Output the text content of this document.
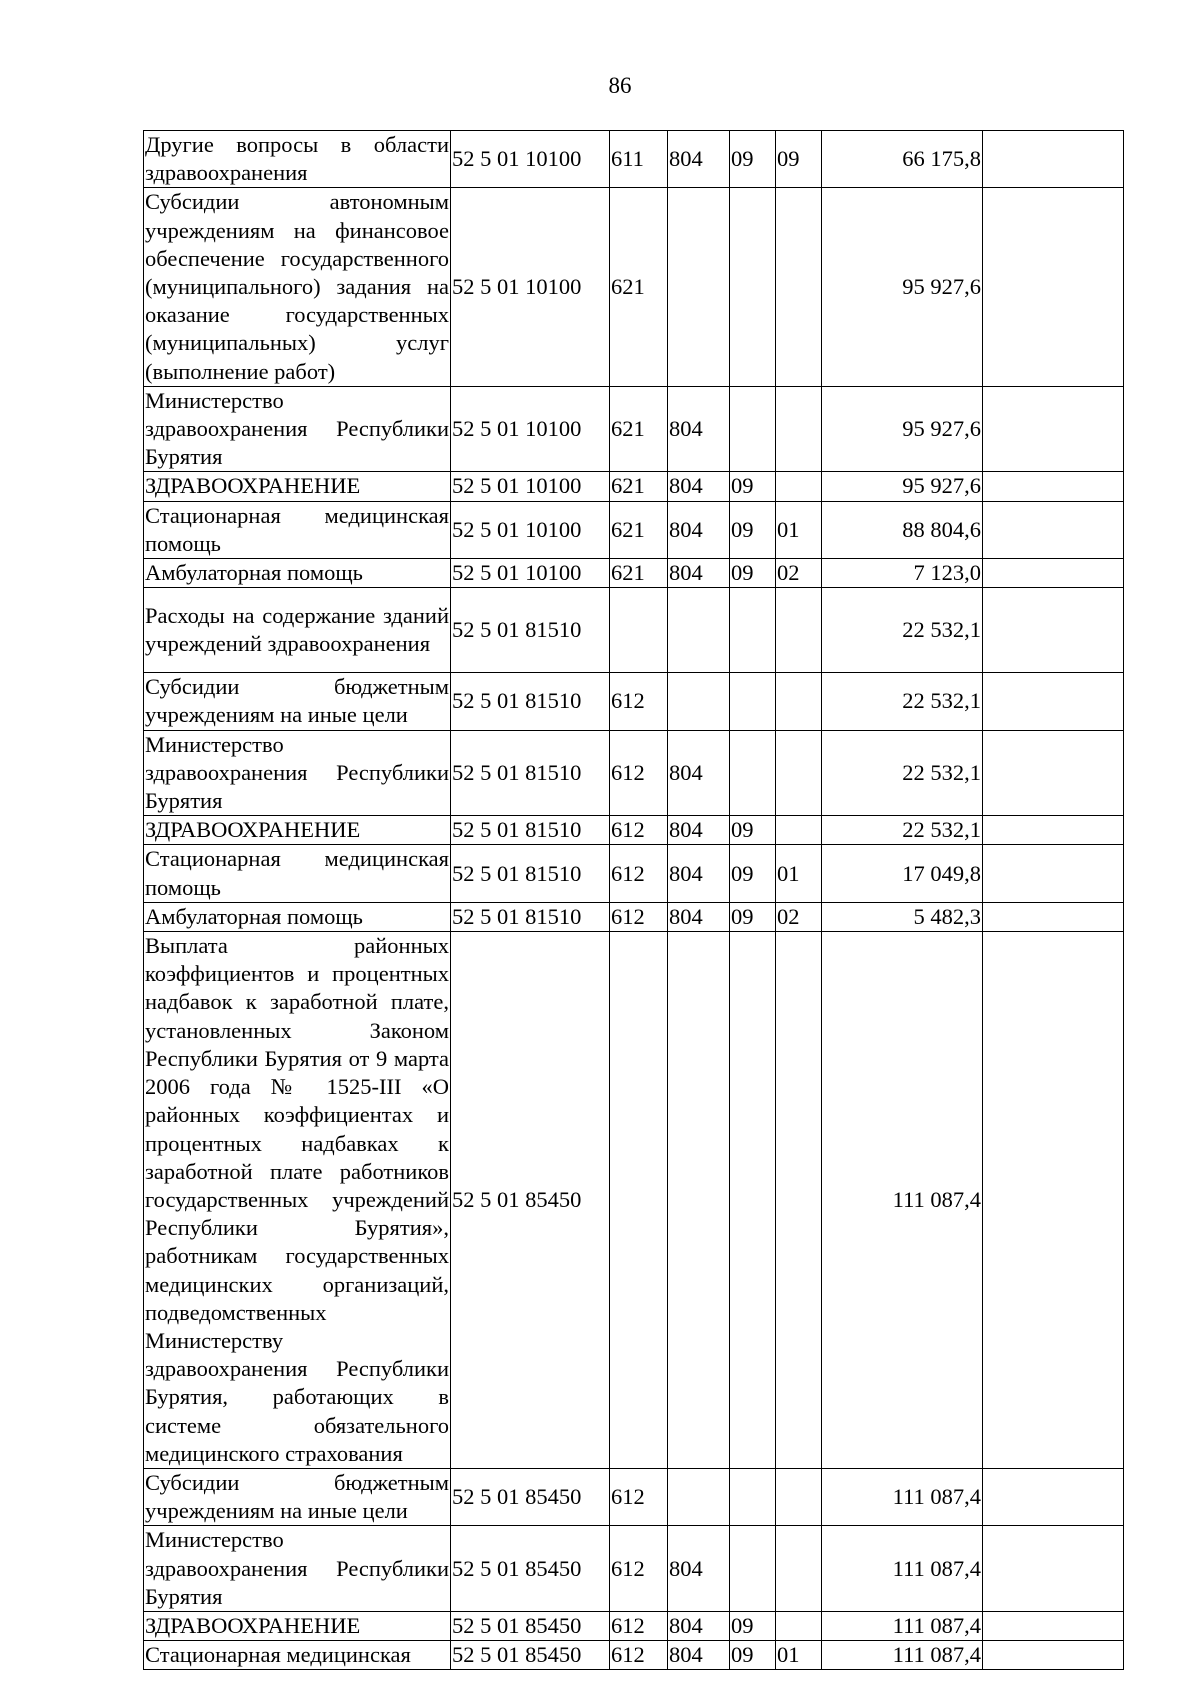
86
Другие вопросы в области здравоохранения	52 5 01 10100	611	804	09	09	66 175,8	
Субсидии автономным учреждениям на финансовое обеспечение государственного (муниципального) задания на оказание государственных (муниципальных) услуг (выполнение работ)	52 5 01 10100	621				95 927,6	
Министерство здравоохранения Республики Бурятия	52 5 01 10100	621	804			95 927,6	
ЗДРАВООХРАНЕНИЕ	52 5 01 10100	621	804	09		95 927,6	
Стационарная медицинская помощь	52 5 01 10100	621	804	09	01	88 804,6	
Амбулаторная помощь	52 5 01 10100	621	804	09	02	7 123,0	
Расходы на содержание зданий учреждений здравоохранения	52 5 01 81510					22 532,1	
Субсидии бюджетным учреждениям на иные цели	52 5 01 81510	612				22 532,1	
Министерство здравоохранения Республики Бурятия	52 5 01 81510	612	804			22 532,1	
ЗДРАВООХРАНЕНИЕ	52 5 01 81510	612	804	09		22 532,1	
Стационарная медицинская помощь	52 5 01 81510	612	804	09	01	17 049,8	
Амбулаторная помощь	52 5 01 81510	612	804	09	02	5 482,3	
Выплата районных коэффициентов и процентных надбавок к заработной плате, установленных Законом Республики Бурятия от 9 марта 2006 года № 1525-III «О районных коэффициентах и процентных надбавках к заработной плате работников государственных учреждений Республики Бурятия», работникам государственных медицинских организаций, подведомственных Министерству здравоохранения Республики Бурятия, работающих в системе обязательного медицинского страхования	52 5 01 85450					111 087,4	
Субсидии бюджетным учреждениям на иные цели	52 5 01 85450	612				111 087,4	
Министерство здравоохранения Республики Бурятия	52 5 01 85450	612	804			111 087,4	
ЗДРАВООХРАНЕНИЕ	52 5 01 85450	612	804	09		111 087,4	
Стационарная медицинская	52 5 01 85450	612	804	09	01	111 087,4	
